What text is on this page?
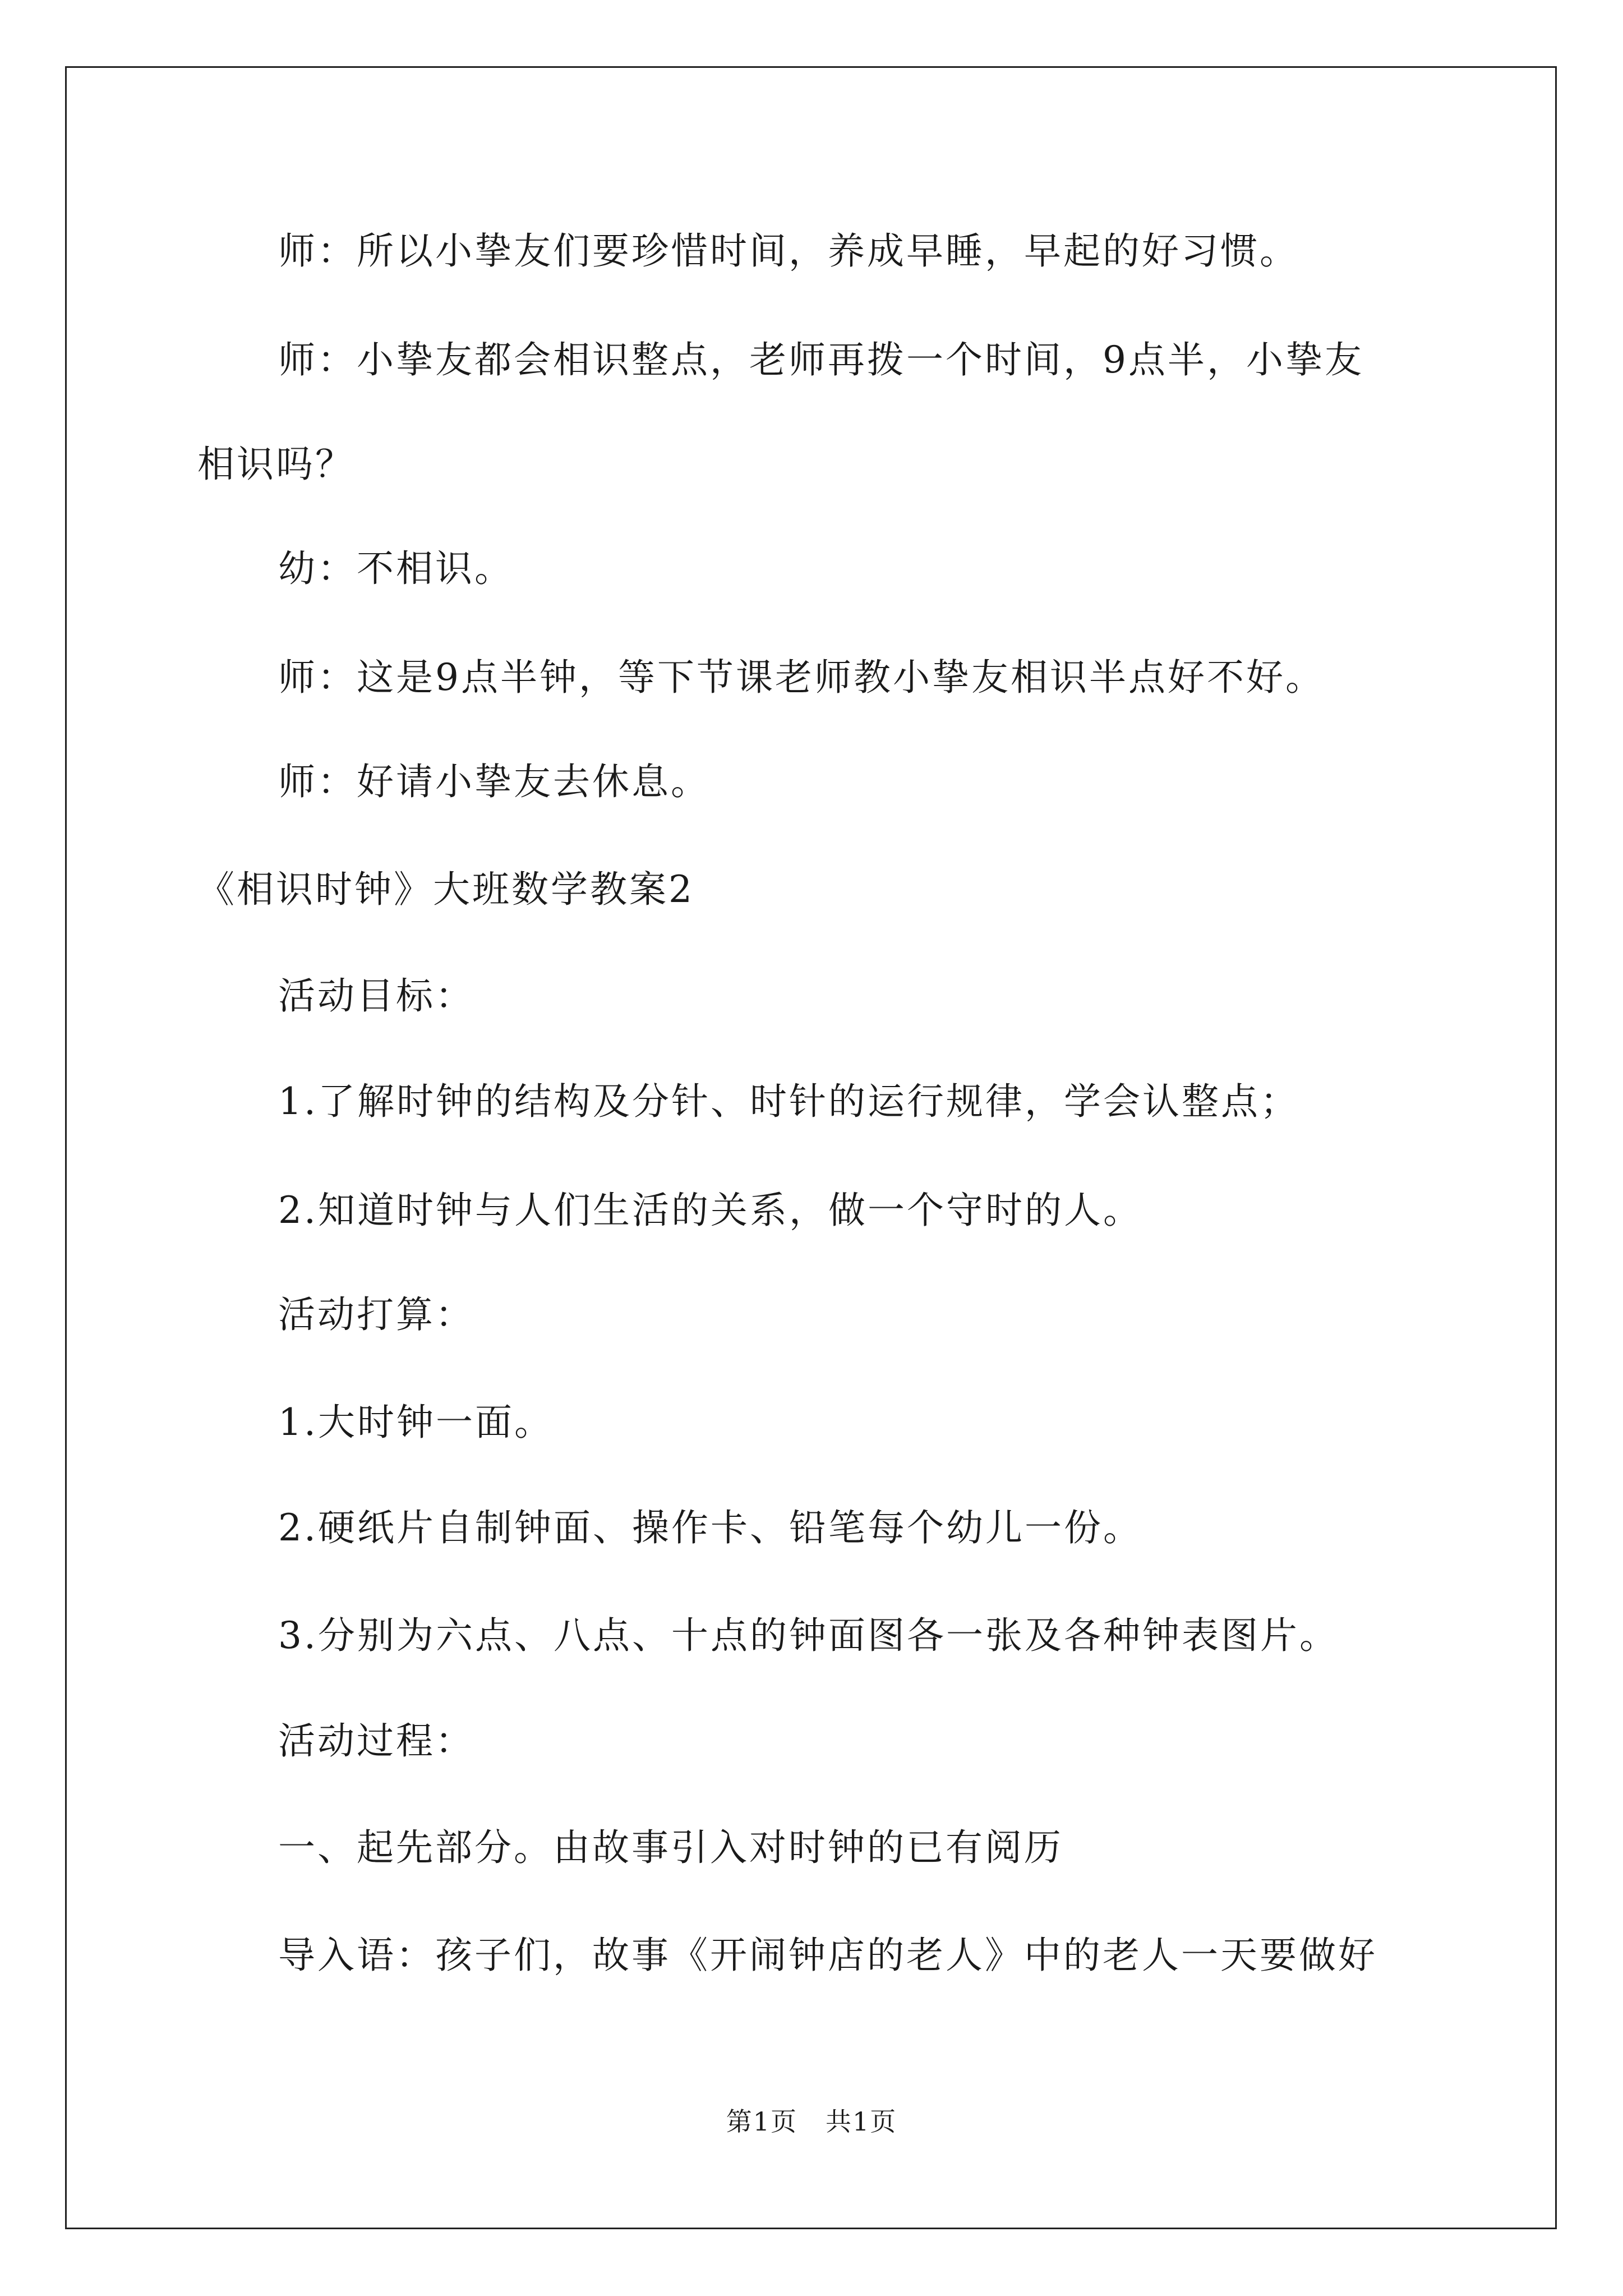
师：所以小挚友们要珍惜时间，养成早睡，早起的好习惯。
师：小挚友都会相识整点，老师再拨一个时间，9点半，小挚友
相识吗？
幼：不相识。
师：这是9点半钟，等下节课老师教小挚友相识半点好不好。
师：好请小挚友去休息。
《相识时钟》大班数学教案2
活动目标：
1.了解时钟的结构及分针、时针的运行规律，学会认整点；
2.知道时钟与人们生活的关系，做一个守时的人。
活动打算：
1.大时钟一面。
2.硬纸片自制钟面、操作卡、铅笔每个幼儿一份。
3.分别为六点、八点、十点的钟面图各一张及各种钟表图片。
活动过程：
一、起先部分。由故事引入对时钟的已有阅历
导入语：孩子们，故事《开闹钟店的老人》中的老人一天要做好
第1页 共1页
